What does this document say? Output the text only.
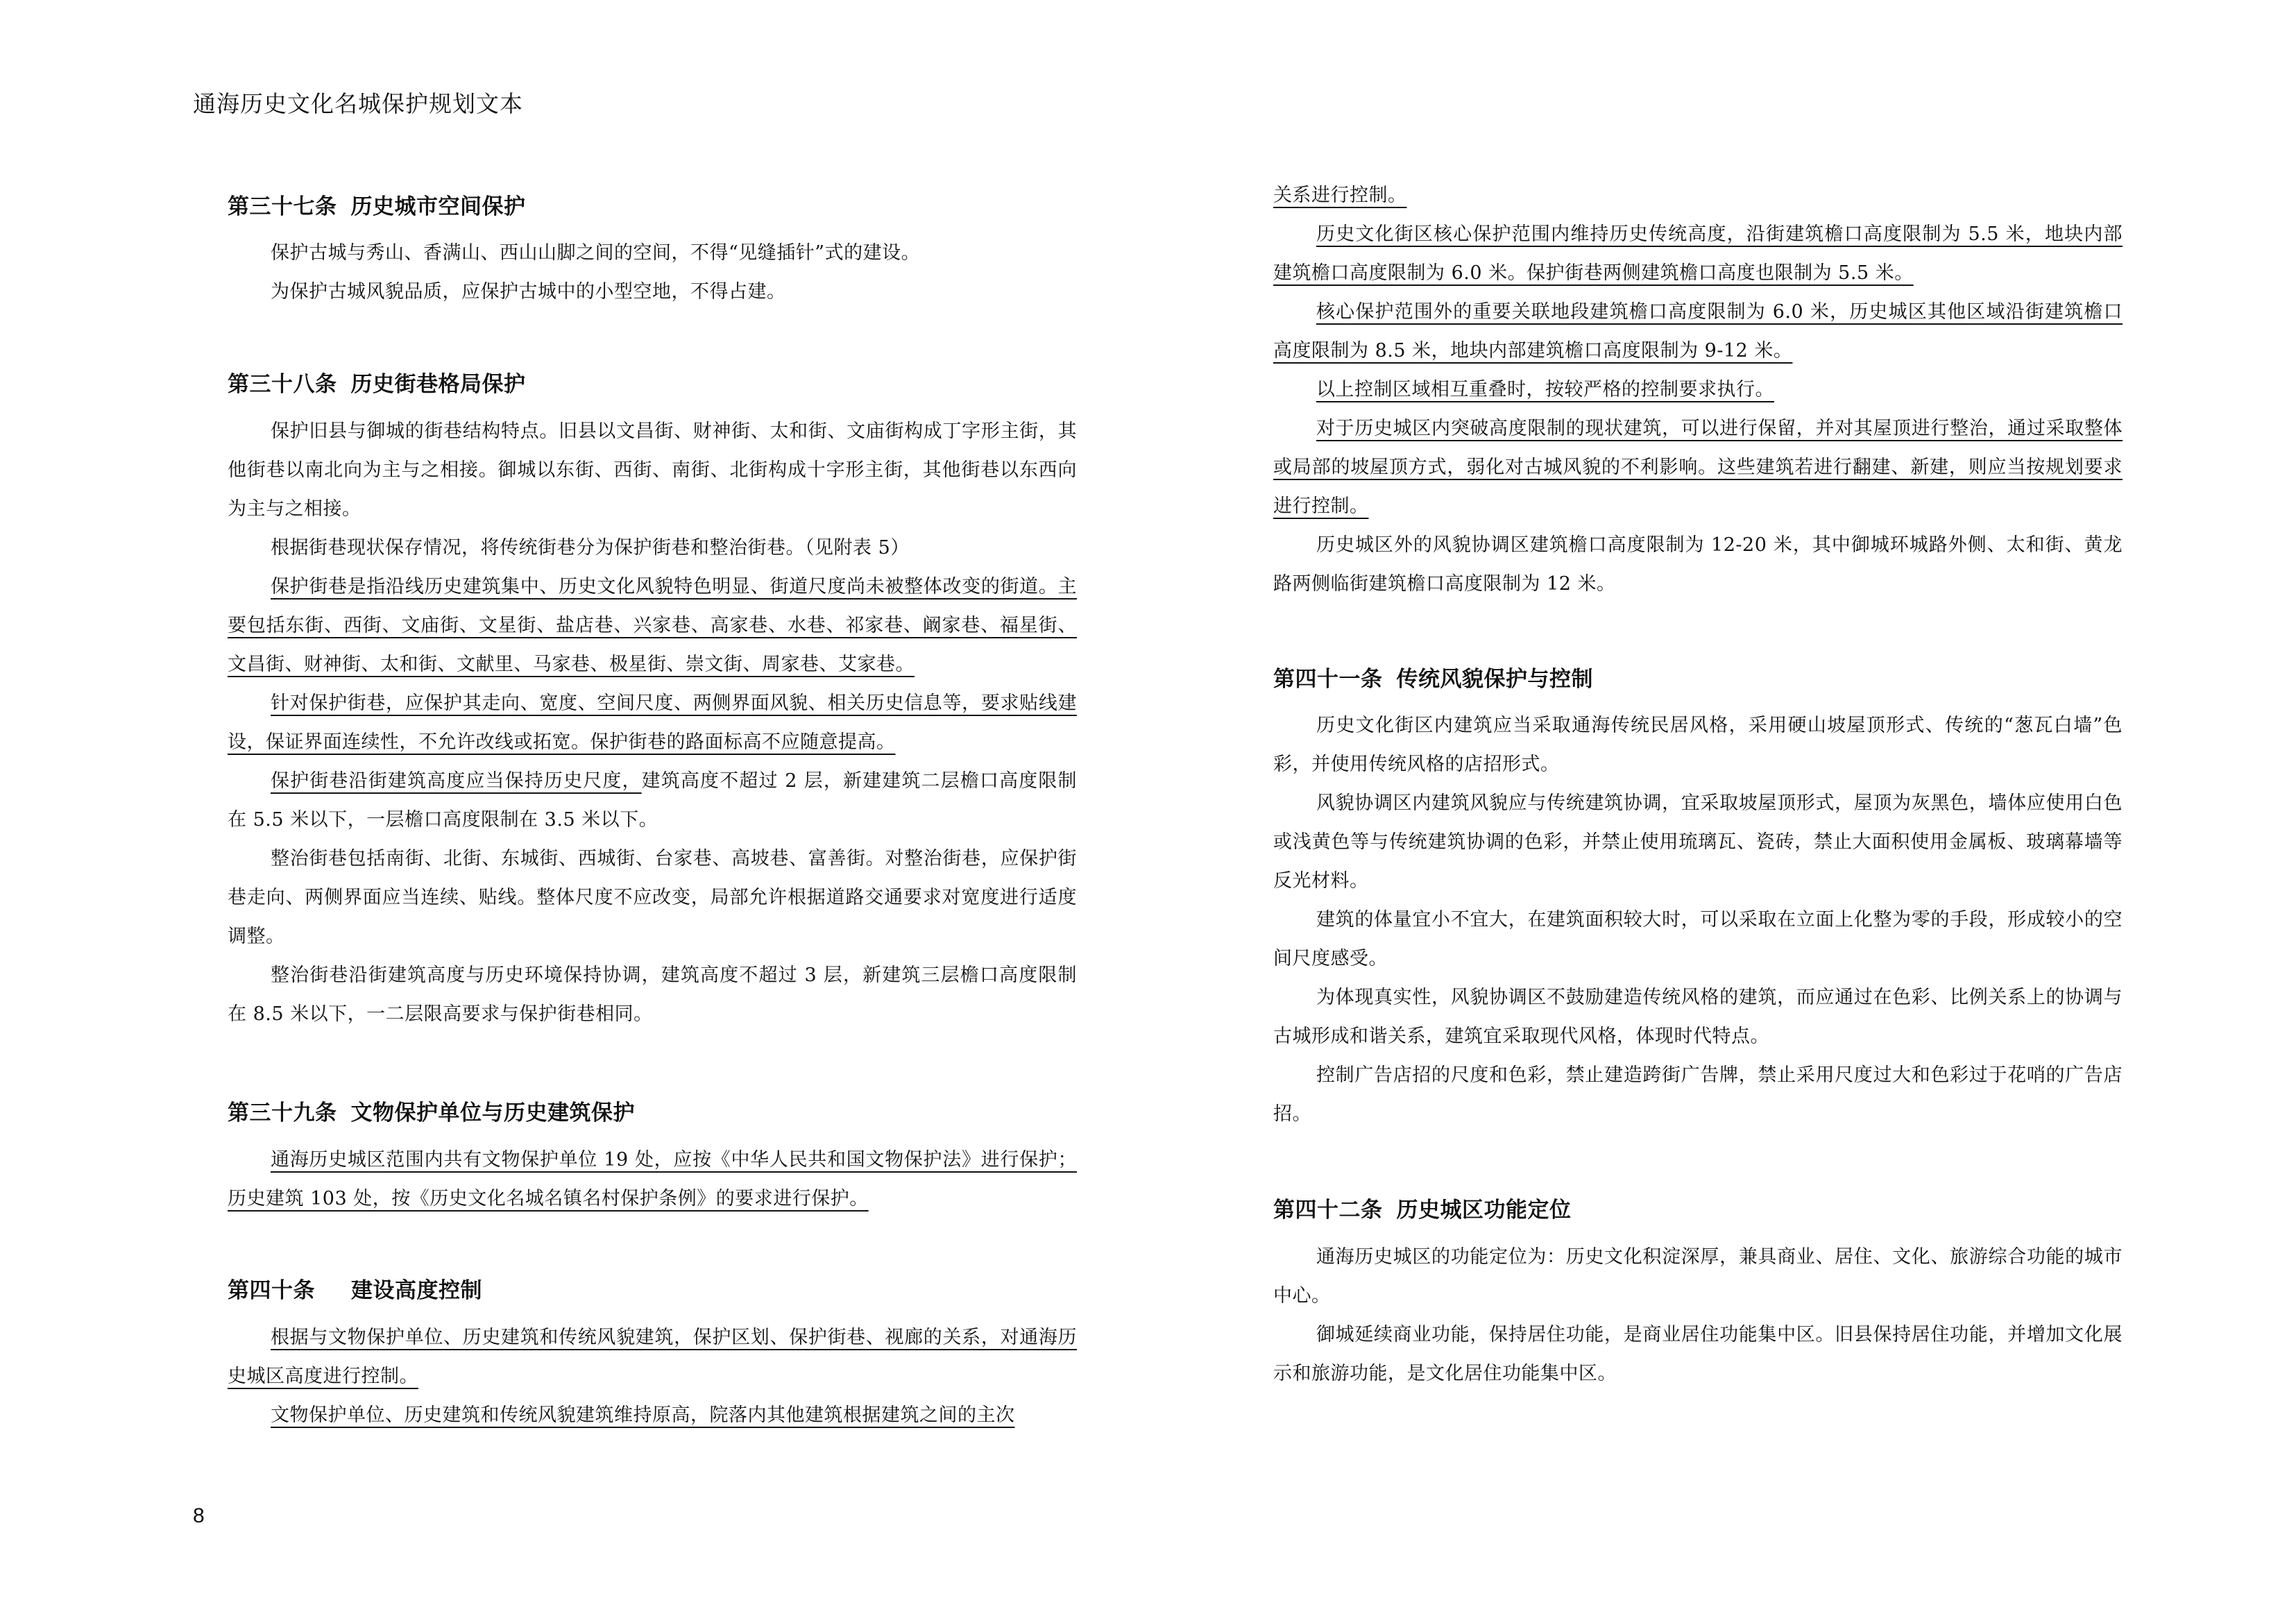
通海历史文化名城保护规划文本
第三十七条 历史城市空间保护

保护古城与秀山、香满山、西山山脚之间的空间，不得“见缝插针”式的建设。

为保护古城风貌品质，应保护古城中的小型空地，不得占建。

第三十八条 历史街巷格局保护

保护旧县与御城的街巷结构特点。旧县以文昌街、财神街、太和街、文庙街构成丁字形主街，其他街巷以南北向为主与之相接。御城以东街、西街、南街、北街构成十字形主街，其他街巷以东西向为主与之相接。

根据街巷现状保存情况，将传统街巷分为保护街巷和整治街巷。（见附表 5）

保护街巷是指沿线历史建筑集中、历史文化风貌特色明显、街道尺度尚未被整体改变的街道。主要包括东街、西街、文庙街、文星街、盐店巷、兴家巷、高家巷、水巷、祁家巷、阚家巷、福星街、文昌街、财神街、太和街、文献里、马家巷、极星街、崇文街、周家巷、艾家巷。

针对保护街巷，应保护其走向、宽度、空间尺度、两侧界面风貌、相关历史信息等，要求贴线建设，保证界面连续性，不允许改线或拓宽。保护街巷的路面标高不应随意提高。

保护街巷沿街建筑高度应当保持历史尺度，建筑高度不超过 2 层，新建建筑二层檐口高度限制在 5.5 米以下，一层檐口高度限制在 3.5 米以下。

整治街巷包括南街、北街、东城街、西城街、台家巷、高坡巷、富善街。对整治街巷，应保护街巷走向、两侧界面应当连续、贴线。整体尺度不应改变，局部允许根据道路交通要求对宽度进行适度调整。

整治街巷沿街建筑高度与历史环境保持协调，建筑高度不超过 3 层，新建筑三层檐口高度限制在 8.5 米以下，一二层限高要求与保护街巷相同。

第三十九条 文物保护单位与历史建筑保护

通海历史城区范围内共有文物保护单位 19 处，应按《中华人民共和国文物保护法》进行保护；历史建筑 103 处，按《历史文化名城名镇名村保护条例》的要求进行保护。

第四十条 建设高度控制

根据与文物保护单位、历史建筑和传统风貌建筑，保护区划、保护街巷、视廊的关系，对通海历史城区高度进行控制。

文物保护单位、历史建筑和传统风貌建筑维持原高，院落内其他建筑根据建筑之间的主次

关系进行控制。

历史文化街区核心保护范围内维持历史传统高度，沿街建筑檐口高度限制为 5.5 米，地块内部建筑檐口高度限制为 6.0 米。保护街巷两侧建筑檐口高度也限制为 5.5 米。

核心保护范围外的重要关联地段建筑檐口高度限制为 6.0 米，历史城区其他区域沿街建筑檐口高度限制为 8.5 米，地块内部建筑檐口高度限制为 9-12 米。

以上控制区域相互重叠时，按较严格的控制要求执行。

对于历史城区内突破高度限制的现状建筑，可以进行保留，并对其屋顶进行整治，通过采取整体或局部的坡屋顶方式，弱化对古城风貌的不利影响。这些建筑若进行翻建、新建，则应当按规划要求进行控制。

历史城区外的风貌协调区建筑檐口高度限制为 12-20 米，其中御城环城路外侧、太和街、黄龙路两侧临街建筑檐口高度限制为 12 米。

第四十一条 传统风貌保护与控制

历史文化街区内建筑应当采取通海传统民居风格，采用硬山坡屋顶形式、传统的“葱瓦白墙”色彩，并使用传统风格的店招形式。

风貌协调区内建筑风貌应与传统建筑协调，宜采取坡屋顶形式，屋顶为灰黑色，墙体应使用白色或浅黄色等与传统建筑协调的色彩，并禁止使用琉璃瓦、瓷砖，禁止大面积使用金属板、玻璃幕墙等反光材料。

建筑的体量宜小不宜大，在建筑面积较大时，可以采取在立面上化整为零的手段，形成较小的空间尺度感受。

为体现真实性，风貌协调区不鼓励建造传统风格的建筑，而应通过在色彩、比例关系上的协调与古城形成和谐关系，建筑宜采取现代风格，体现时代特点。

控制广告店招的尺度和色彩，禁止建造跨街广告牌，禁止采用尺度过大和色彩过于花哨的广告店招。

第四十二条 历史城区功能定位

通海历史城区的功能定位为：历史文化积淀深厚，兼具商业、居住、文化、旅游综合功能的城市中心。

御城延续商业功能，保持居住功能，是商业居住功能集中区。旧县保持居住功能，并增加文化展示和旅游功能，是文化居住功能集中区。

8
